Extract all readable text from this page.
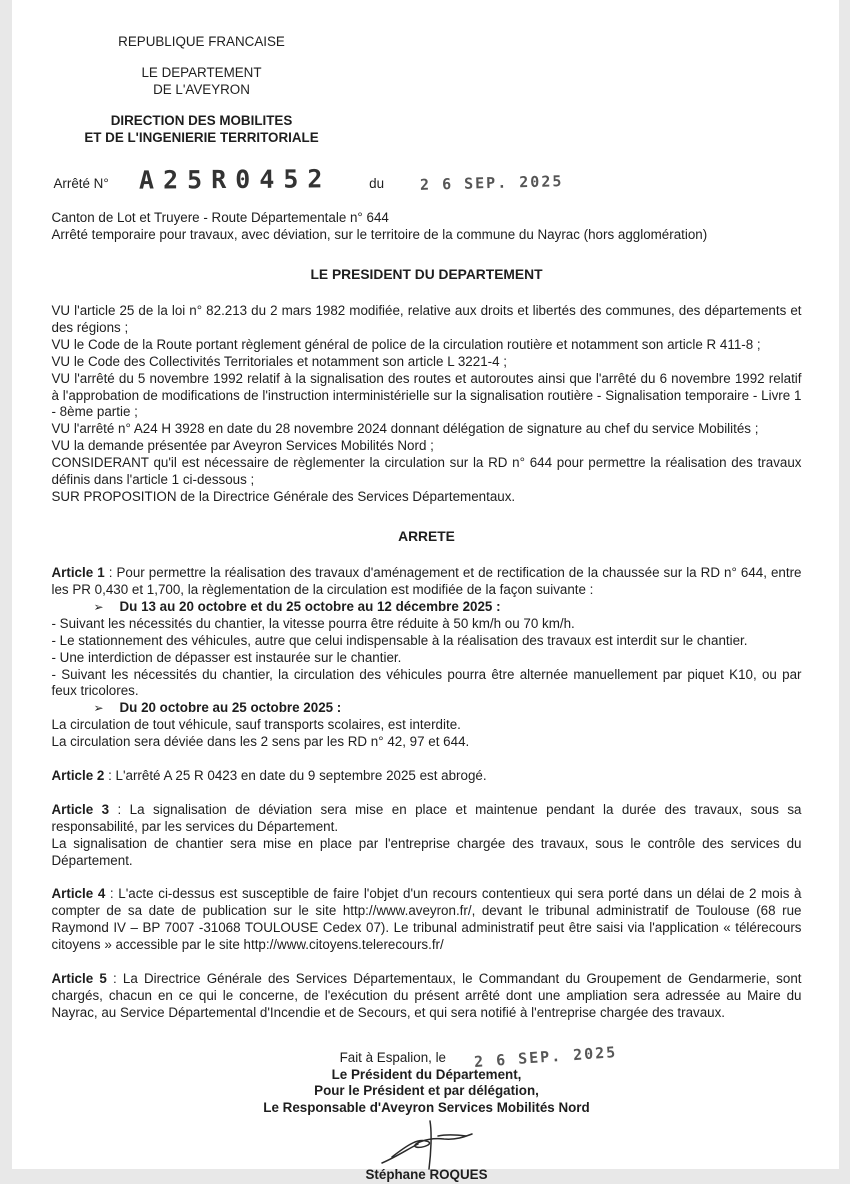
REPUBLIQUE FRANCAISE

LE DEPARTEMENT

DE L'AVEYRON

DIRECTION DES MOBILITES

ET DE L'INGENIERIE TERRITORIALE

Arrêté N° A25R0452	du 2 6 SEP. 2025

Canton de Lot et Truyere - Route Départementale n° 644

Arrêté temporaire pour travaux, avec déviation, sur le territoire de la commune du Nayrac (hors agglomération)

LE PRESIDENT DU DEPARTEMENT

VU l'article 25 de la loi n° 82.213 du 2 mars 1982 modifiée, relative aux droits et libertés des communes, des départements et des régions ;

VU le Code de la Route portant règlement général de police de la circulation routière et notamment son article R 411-8 ;

VU le Code des Collectivités Territoriales et notamment son article L 3221-4 ;

VU l'arrêté du 5 novembre 1992 relatif à la signalisation des routes et autoroutes ainsi que l'arrêté du 6 novembre 1992 relatif à l'approbation de modifications de l'instruction interministérielle sur la signalisation routière - Signalisation temporaire - Livre 1 - 8ème partie ;

VU l'arrêté n° A24 H 3928 en date du 28 novembre 2024 donnant délégation de signature au chef du service Mobilités ;

VU la demande présentée par Aveyron Services Mobilités Nord ;

CONSIDERANT qu'il est nécessaire de règlementer la circulation sur la RD n° 644 pour permettre la réalisation des travaux définis dans l'article 1 ci-dessous ;

SUR PROPOSITION de la Directrice Générale des Services Départementaux.

ARRETE

Article 1 : Pour permettre la réalisation des travaux d'aménagement et de rectification de la chaussée sur la RD n° 644, entre les PR 0,430 et 1,700, la règlementation de la circulation est modifiée de la façon suivante :

➢ Du 13 au 20 octobre et du 25 octobre au 12 décembre 2025 :

- Suivant les nécessités du chantier, la vitesse pourra être réduite à 50 km/h ou 70 km/h.

- Le stationnement des véhicules, autre que celui indispensable à la réalisation des travaux est interdit sur le chantier.

- Une interdiction de dépasser est instaurée sur le chantier.

- Suivant les nécessités du chantier, la circulation des véhicules pourra être alternée manuellement par piquet K10, ou par feux tricolores.

➢ Du 20 octobre au 25 octobre 2025 :

La circulation de tout véhicule, sauf transports scolaires, est interdite.

La circulation sera déviée dans les 2 sens par les RD n° 42, 97 et 644.

Article 2 : L'arrêté A 25 R 0423 en date du 9 septembre 2025 est abrogé.

Article 3 : La signalisation de déviation sera mise en place et maintenue pendant la durée des travaux, sous sa responsabilité, par les services du Département.

La signalisation de chantier sera mise en place par l'entreprise chargée des travaux, sous le contrôle des services du Département.

Article 4 : L'acte ci-dessus est susceptible de faire l'objet d'un recours contentieux qui sera porté dans un délai de 2 mois à compter de sa date de publication sur le site http://www.aveyron.fr/, devant le tribunal administratif de Toulouse (68 rue Raymond IV – BP 7007 -31068 TOULOUSE Cedex 07). Le tribunal administratif peut être saisi via l'application « télérecours citoyens » accessible par le site http://www.citoyens.telerecours.fr/

Article 5 : La Directrice Générale des Services Départementaux, le Commandant du Groupement de Gendarmerie, sont chargés, chacun en ce qui le concerne, de l'exécution du présent arrêté dont une ampliation sera adressée au Maire du Nayrac, au Service Départemental d'Incendie et de Secours, et qui sera notifié à l'entreprise chargée des travaux.

Fait à Espalion, le 2 6 SEP. 2025

Le Président du Département,

Pour le Président et par délégation,

Le Responsable d'Aveyron Services Mobilités Nord

Stéphane ROQUES
